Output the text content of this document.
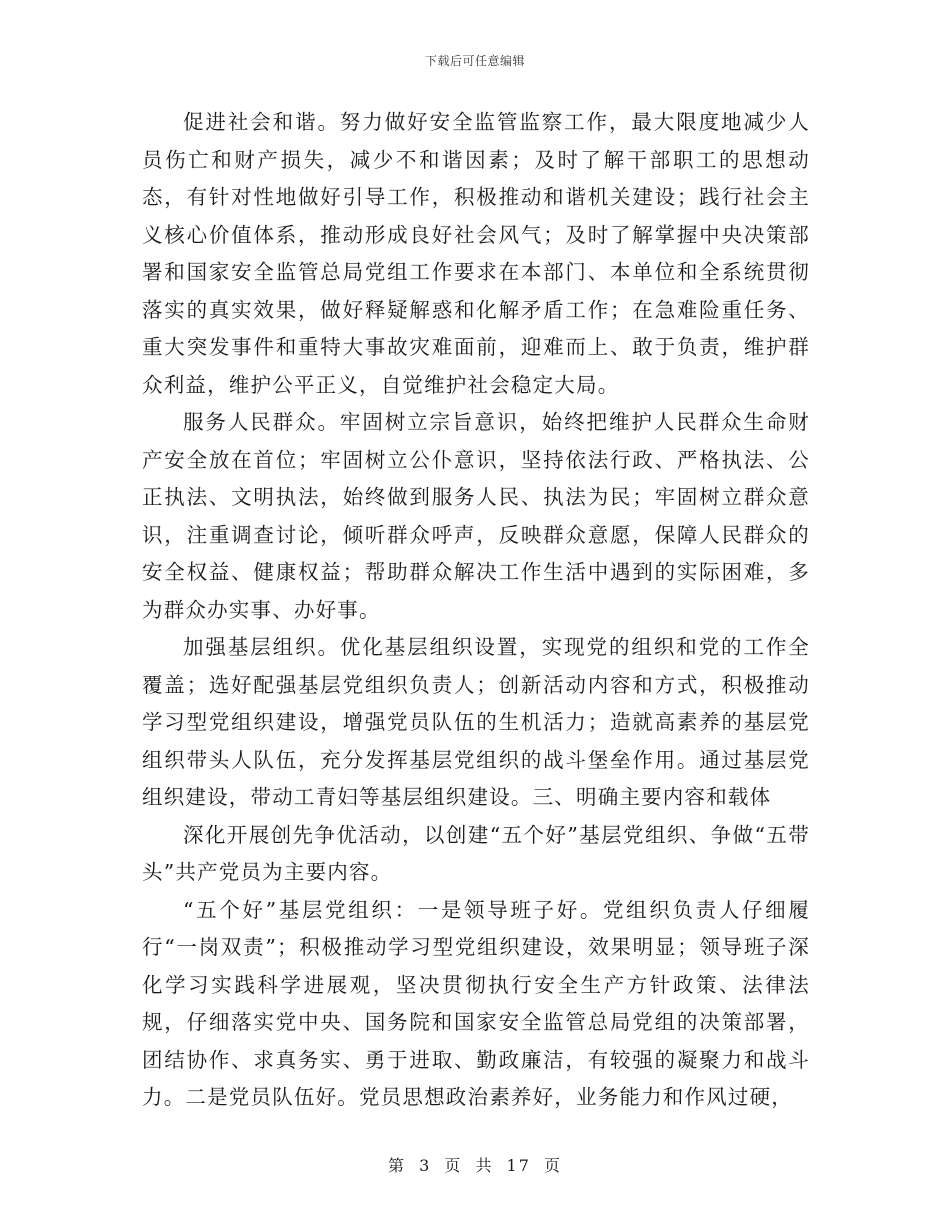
下载后可任意编辑

促进社会和谐。努力做好安全监管监察工作，最大限度地减少人员伤亡和财产损失，减少不和谐因素；及时了解干部职工的思想动态，有针对性地做好引导工作，积极推动和谐机关建设；践行社会主义核心价值体系，推动形成良好社会风气；及时了解掌握中央决策部署和国家安全监管总局党组工作要求在本部门、本单位和全系统贯彻落实的真实效果，做好释疑解惑和化解矛盾工作；在急难险重任务、重大突发事件和重特大事故灾难面前，迎难而上、敢于负责，维护群众利益，维护公平正义，自觉维护社会稳定大局。

服务人民群众。牢固树立宗旨意识，始终把维护人民群众生命财产安全放在首位；牢固树立公仆意识，坚持依法行政、严格执法、公正执法、文明执法，始终做到服务人民、执法为民；牢固树立群众意识，注重调查讨论，倾听群众呼声，反映群众意愿，保障人民群众的安全权益、健康权益；帮助群众解决工作生活中遇到的实际困难，多为群众办实事、办好事。

加强基层组织。优化基层组织设置，实现党的组织和党的工作全覆盖；选好配强基层党组织负责人；创新活动内容和方式，积极推动学习型党组织建设，增强党员队伍的生机活力；造就高素养的基层党组织带头人队伍，充分发挥基层党组织的战斗堡垒作用。通过基层党组织建设，带动工青妇等基层组织建设。三、明确主要内容和载体

深化开展创先争优活动，以创建“五个好”基层党组织、争做“五带头”共产党员为主要内容。

“五个好”基层党组织：一是领导班子好。党组织负责人仔细履行“一岗双责”；积极推动学习型党组织建设，效果明显；领导班子深化学习实践科学进展观，坚决贯彻执行安全生产方针政策、法律法规，仔细落实党中央、国务院和国家安全监管总局党组的决策部署，团结协作、求真务实、勇于进取、勤政廉洁，有较强的凝聚力和战斗力。二是党员队伍好。党员思想政治素养好，业务能力和作风过硬，

第 3 页 共 17 页
